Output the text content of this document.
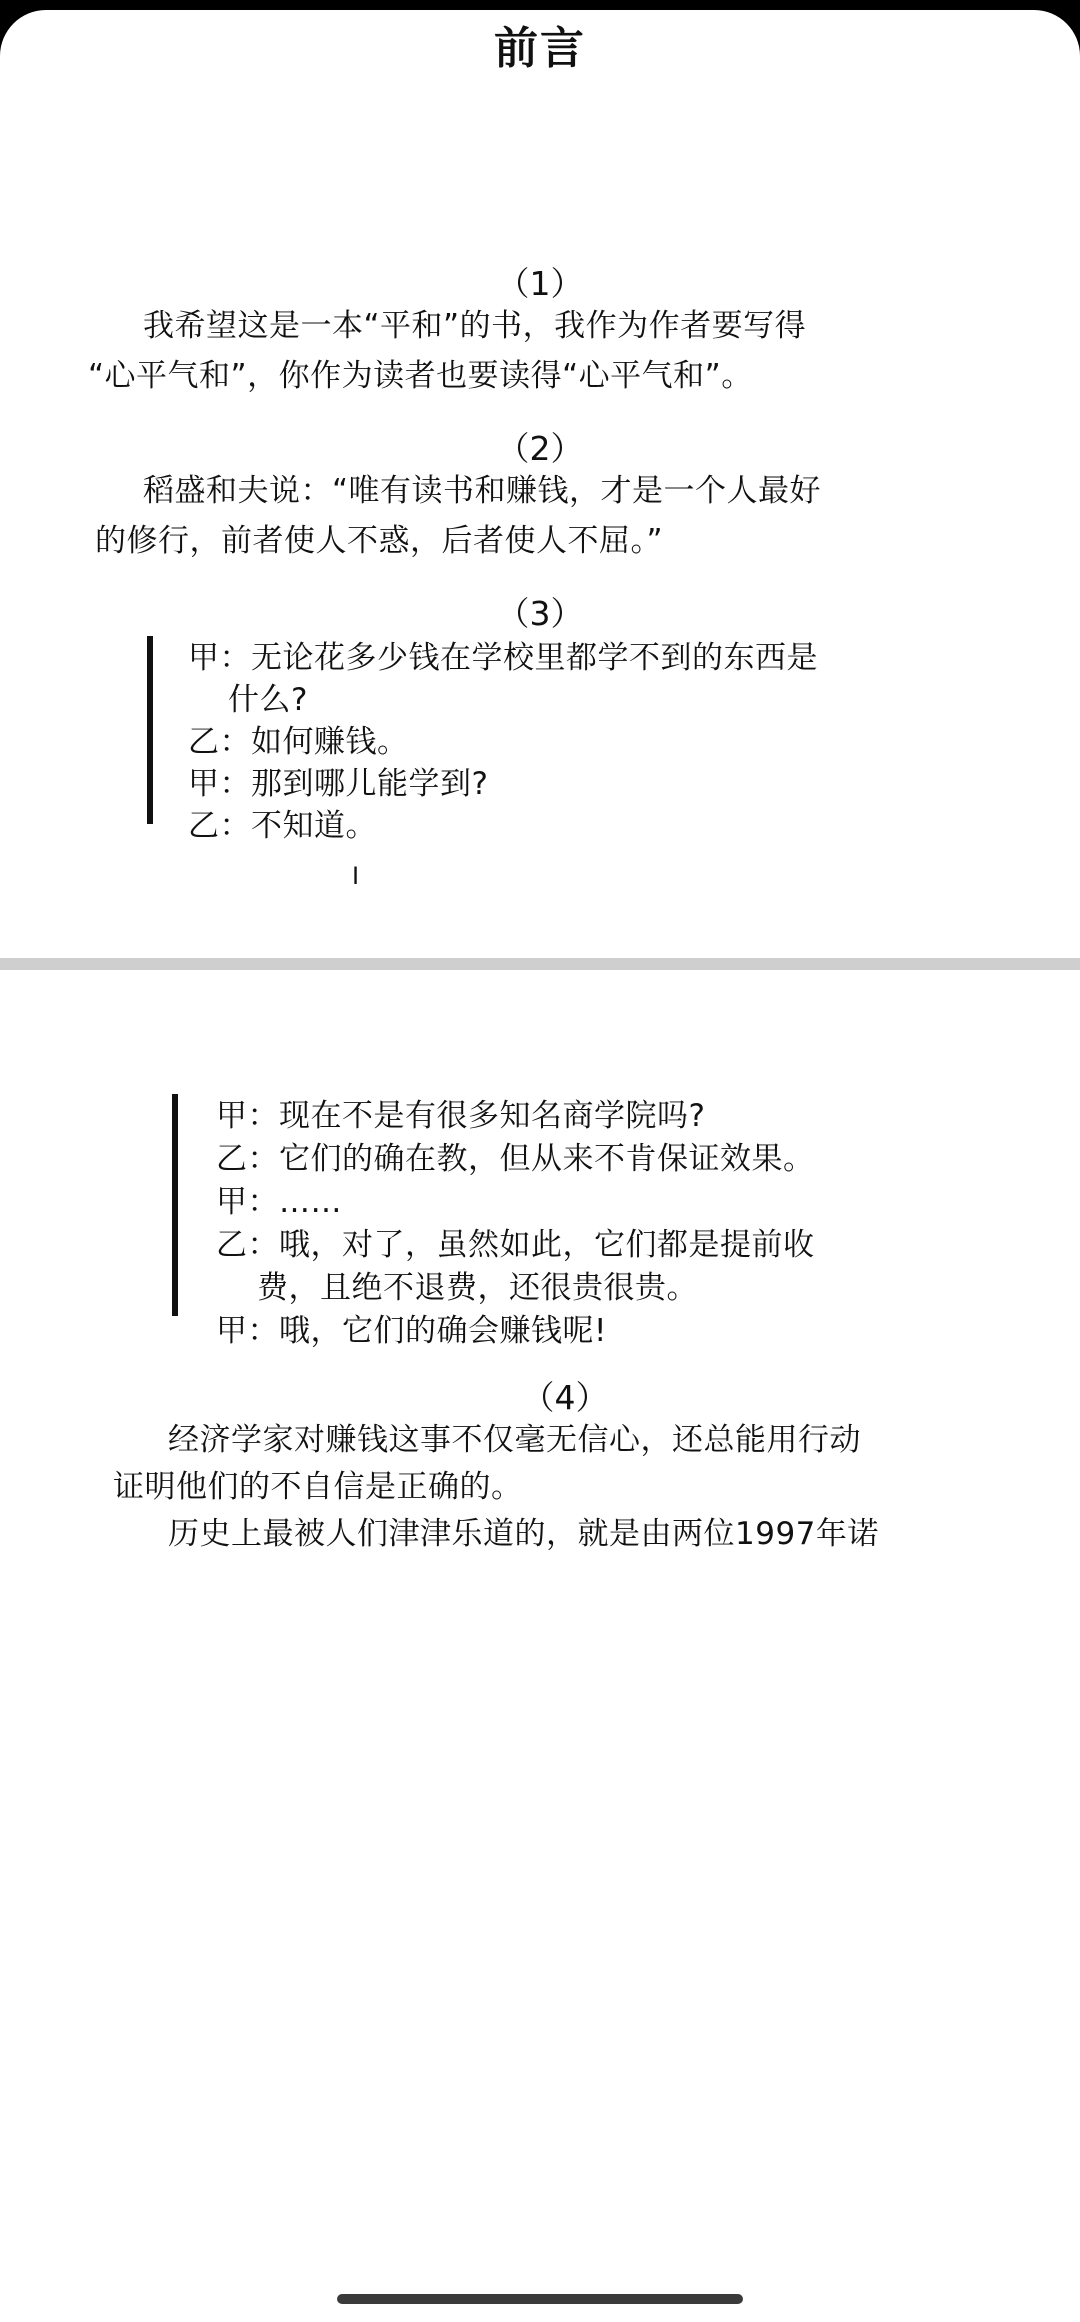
前言
（1）
我希望这是一本“平和”的书，我作为作者要写得
“心平气和”，你作为读者也要读得“心平气和”。
（2）
稻盛和夫说：“唯有读书和赚钱，才是一个人最好
的修行，前者使人不惑，后者使人不屈。”
（3）
甲：无论花多少钱在学校里都学不到的东西是
什么?
乙：如何赚钱。
甲：那到哪儿能学到?
乙：不知道。
I
甲：现在不是有很多知名商学院吗?
乙：它们的确在教，但从来不肯保证效果。
甲：……
乙：哦，对了，虽然如此，它们都是提前收
费，且绝不退费，还很贵很贵。
甲：哦，它们的确会赚钱呢!
（4）
经济学家对赚钱这事不仅毫无信心，还总能用行动
证明他们的不自信是正确的。
历史上最被人们津津乐道的，就是由两位1997年诺
